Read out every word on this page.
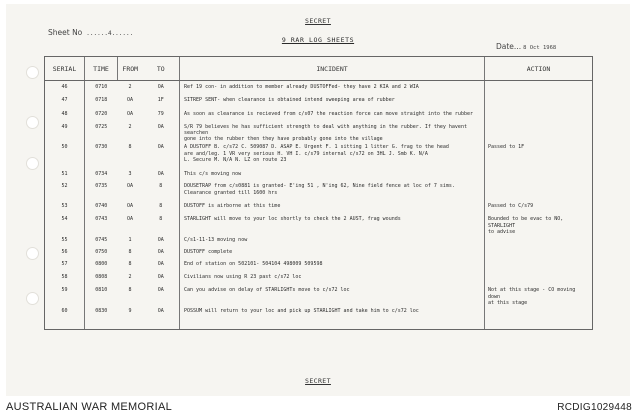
SECRET
Sheet No ......4......
9 RAR LOG SHEETS
Date... 8 Oct 1968
SERIAL	TIME	FROM	TO	INCIDENT	ACTION
46	0710	2	OA	Ref 19 con- in addition to member already DUSTOFFed- they have 2 KIA and 2 WIA	
47	0718	OA	1F	SITREP SENT- when clearance is obtained intend sweeping area of rubber	
48	0720	OA	79	As soon as clearance is recieved from c/s07 the reaction force can move straight into the rubber	
49	0725	2	OA	S/R 79 believes he has sufficient strength to deal with anything in the rubber. If they havent searchen
gone into the rubber then they have probably gone into the village	
50	0730	8	OA	A DUSTOFF B. c/s72 C. 509087 D. ASAP E. Urgent F. 1 sitting 1 litter G. frag to the head
are and/leg. 1 VR very serious H. VH I. c/s79 internal c/s72 on 3HL J. Smb K. N/A
L. Secure M. N/A N. LZ on route 23	Passed to 1F
51	0734	3	OA	This c/s moving now	
52	0735	OA	8	DOUSETRAP from c/s0881 is granted- E'ing 51 , N'ing 62, Nine field fence at loc of 7 sims.
Clearance granted till 1600 hrs	
53	0740	OA	8	DUSTOFF is airborne at this time	Passed to C/s79
54	0743	OA	8	STARLIGHT will move to your loc shortly to check the 2 AUST, frag wounds	Bounded to be evac to NO, STARLIGHT
to advise
55	0745	1	OA	C/s1-11-13 moving now	
56	0750	8	OA	DUSTOFF complete	
57	0800	8	OA	End of station on 502101- 504104 498009 509598	
58	0808	2	OA	Civilians now using R 23 past c/s72 loc	
59	0810	8	OA	Can you advise on delay of STARLIGHTs move to c/s72 loc	Not at this stage - CO moving down
at this stage
60	0830	9	OA	POSSUM will return to your loc and pick up STARLIGHT and take him to c/s72 loc	
SECRET
AUSTRALIAN WAR MEMORIAL	RCDIG1029448
